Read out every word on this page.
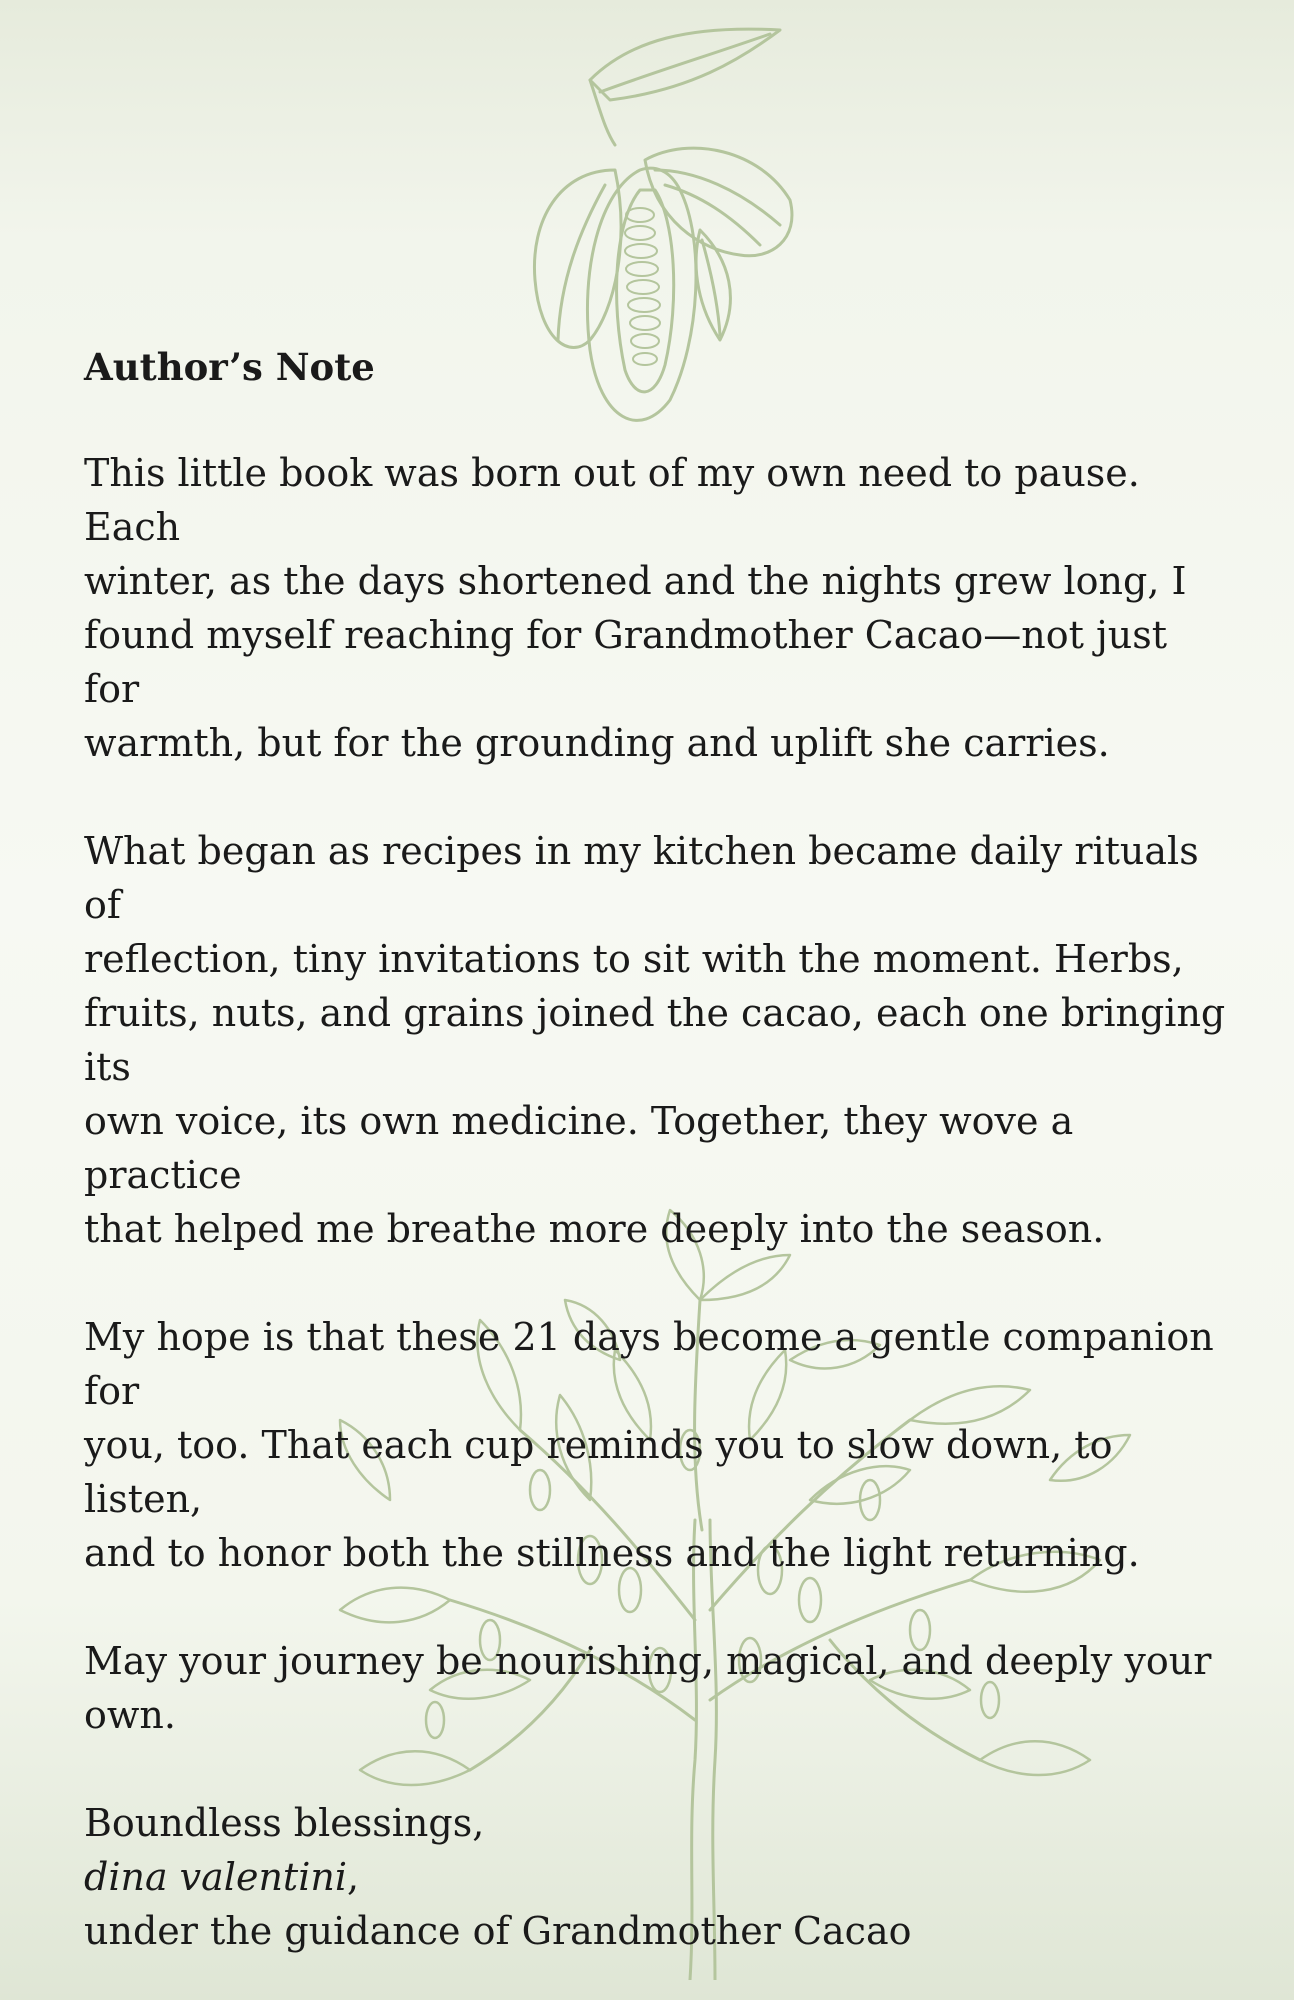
Author’s Note
This little book was born out of my own need to pause. Each
winter, as the days shortened and the nights grew long, I
found myself reaching for Grandmother Cacao—not just for
warmth, but for the grounding and uplift she carries.
What began as recipes in my kitchen became daily rituals of
reflection, tiny invitations to sit with the moment. Herbs,
fruits, nuts, and grains joined the cacao, each one bringing its
own voice, its own medicine. Together, they wove a practice
that helped me breathe more deeply into the season.
My hope is that these 21 days become a gentle companion for
you, too. That each cup reminds you to slow down, to listen,
and to honor both the stillness and the light returning.
May your journey be nourishing, magical, and deeply your
own.
Boundless blessings,
dina valentini,
under the guidance of Grandmother Cacao
